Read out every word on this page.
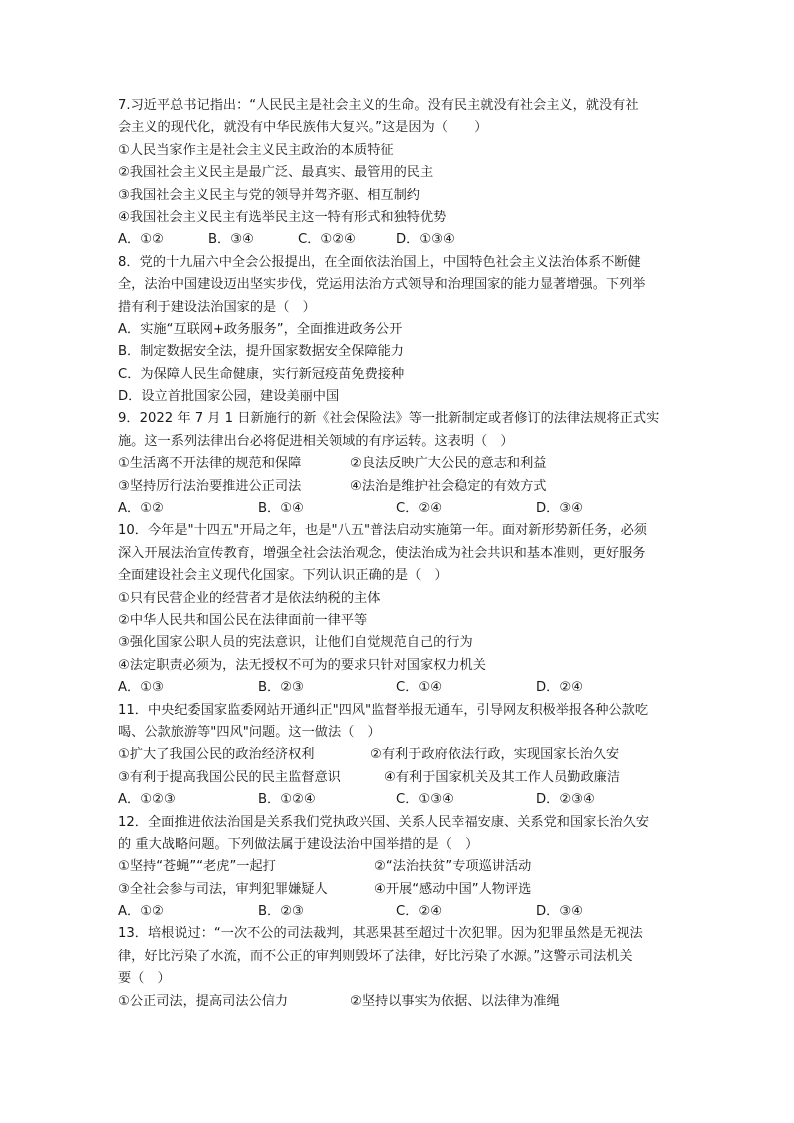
7.习近平总书记指出：“人民民主是社会主义的生命。没有民主就没有社会主义，就没有社
会主义的现代化，就没有中华民族伟大复兴。”这是因为（　　）
①人民当家作主是社会主义民主政治的本质特征
②我国社会主义民主是最广泛、最真实、最管用的民主
③我国社会主义民主与党的领导并驾齐驱、相互制约
④我国社会主义民主有选举民主这一特有形式和独特优势
A．①②	B．③④	C．①②④	D．①③④
8．党的十九届六中全会公报提出，在全面依法治国上，中国特色社会主义法治体系不断健
全，法治中国建设迈出坚实步伐，党运用法治方式领导和治理国家的能力显著增强。下列举
措有利于建设法治国家的是（　）
A．实施“互联网+政务服务”，全面推进政务公开
B．制定数据安全法，提升国家数据安全保障能力
C．为保障人民生命健康，实行新冠疫苗免费接种
D．设立首批国家公园，建设美丽中国
9．2022 年 7 月 1 日新施行的新《社会保险法》等一批新制定或者修订的法律法规将正式实
施。这一系列法律出台必将促进相关领域的有序运转。这表明（　）
①生活离不开法律的规范和保障	②良法反映广大公民的意志和利益
③坚持厉行法治要推进公正司法	④法治是维护社会稳定的有效方式
A．①②	B．①④	C．②④	D．③④
10．今年是"十四五"开局之年，也是"八五"普法启动实施第一年。面对新形势新任务，必须
深入开展法治宣传教育，增强全社会法治观念，使法治成为社会共识和基本准则，更好服务
全面建设社会主义现代化国家。下列认识正确的是（　）
①只有民营企业的经营者才是依法纳税的主体
②中华人民共和国公民在法律面前一律平等
③强化国家公职人员的宪法意识，让他们自觉规范自己的行为
④法定职责必须为，法无授权不可为的要求只针对国家权力机关
A．①③	B．②③	C．①④	D．②④
11．中央纪委国家监委网站开通纠正"四风"监督举报无通车，引导网友积极举报各种公款吃
喝、公款旅游等"四风"问题。这一做法（　）
①扩大了我国公民的政治经济权利	②有利于政府依法行政，实现国家长治久安
③有利于提高我国公民的民主监督意识	④有利于国家机关及其工作人员勤政廉洁
A．①②③	B．①②④	C．①③④	D．②③④
12．全面推进依法治国是关系我们党执政兴国、关系人民幸福安康、关系党和国家长治久安
的 重大战略问题。下列做法属于建设法治中国举措的是（　）
①坚持“苍蝇”“老虎”一起打	②“法治扶贫”专项巡讲活动
③全社会参与司法，审判犯罪嫌疑人	④开展“感动中国”人物评选
A．①②	B．②③	C．②④	D．③④
13．培根说过：“一次不公的司法裁判，其恶果甚至超过十次犯罪。因为犯罪虽然是无视法
律，好比污染了水流，而不公正的审判则毁坏了法律，好比污染了水源。”这警示司法机关
要（　）
①公正司法，提高司法公信力	②坚持以事实为依据、以法律为准绳
